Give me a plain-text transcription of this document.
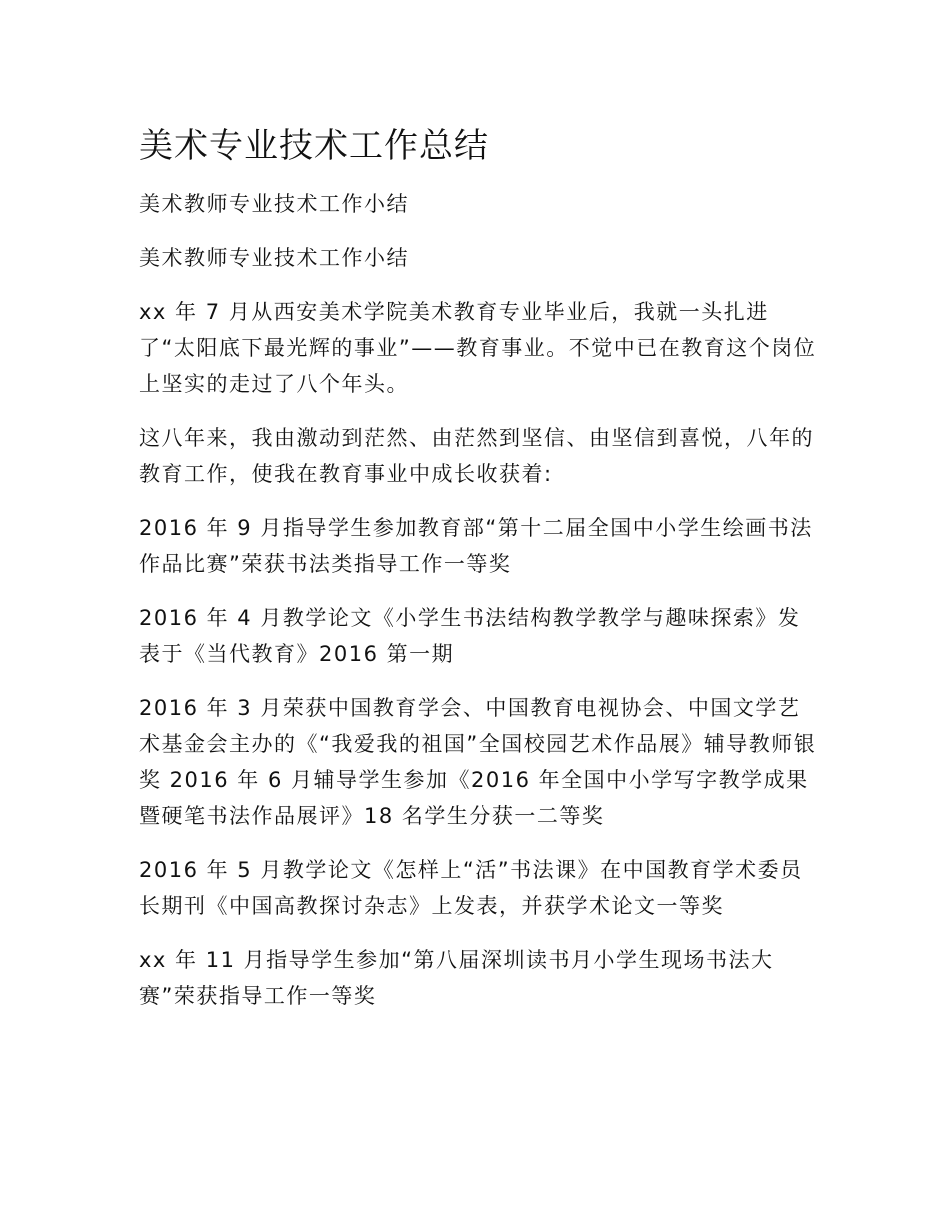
美术专业技术工作总结

美术教师专业技术工作小结

美术教师专业技术工作小结

xx 年 7 月从西安美术学院美术教育专业毕业后，我就一头扎进了“太阳底下最光辉的事业”——教育事业。不觉中已在教育这个岗位上坚实的走过了八个年头。

这八年来，我由激动到茫然、由茫然到坚信、由坚信到喜悦，八年的教育工作，使我在教育事业中成长收获着:

2016 年 9 月指导学生参加教育部“第十二届全国中小学生绘画书法作品比赛”荣获书法类指导工作一等奖

2016 年 4 月教学论文《小学生书法结构教学教学与趣味探索》发表于《当代教育》2016 第一期

2016 年 3 月荣获中国教育学会、中国教育电视协会、中国文学艺术基金会主办的《“我爱我的祖国”全国校园艺术作品展》辅导教师银奖 2016 年 6 月辅导学生参加《2016 年全国中小学写字教学成果暨硬笔书法作品展评》18 名学生分获一二等奖

2016 年 5 月教学论文《怎样上“活”书法课》在中国教育学术委员长期刊《中国高教探讨杂志》上发表，并获学术论文一等奖

xx 年 11 月指导学生参加“第八届深圳读书月小学生现场书法大赛”荣获指导工作一等奖
